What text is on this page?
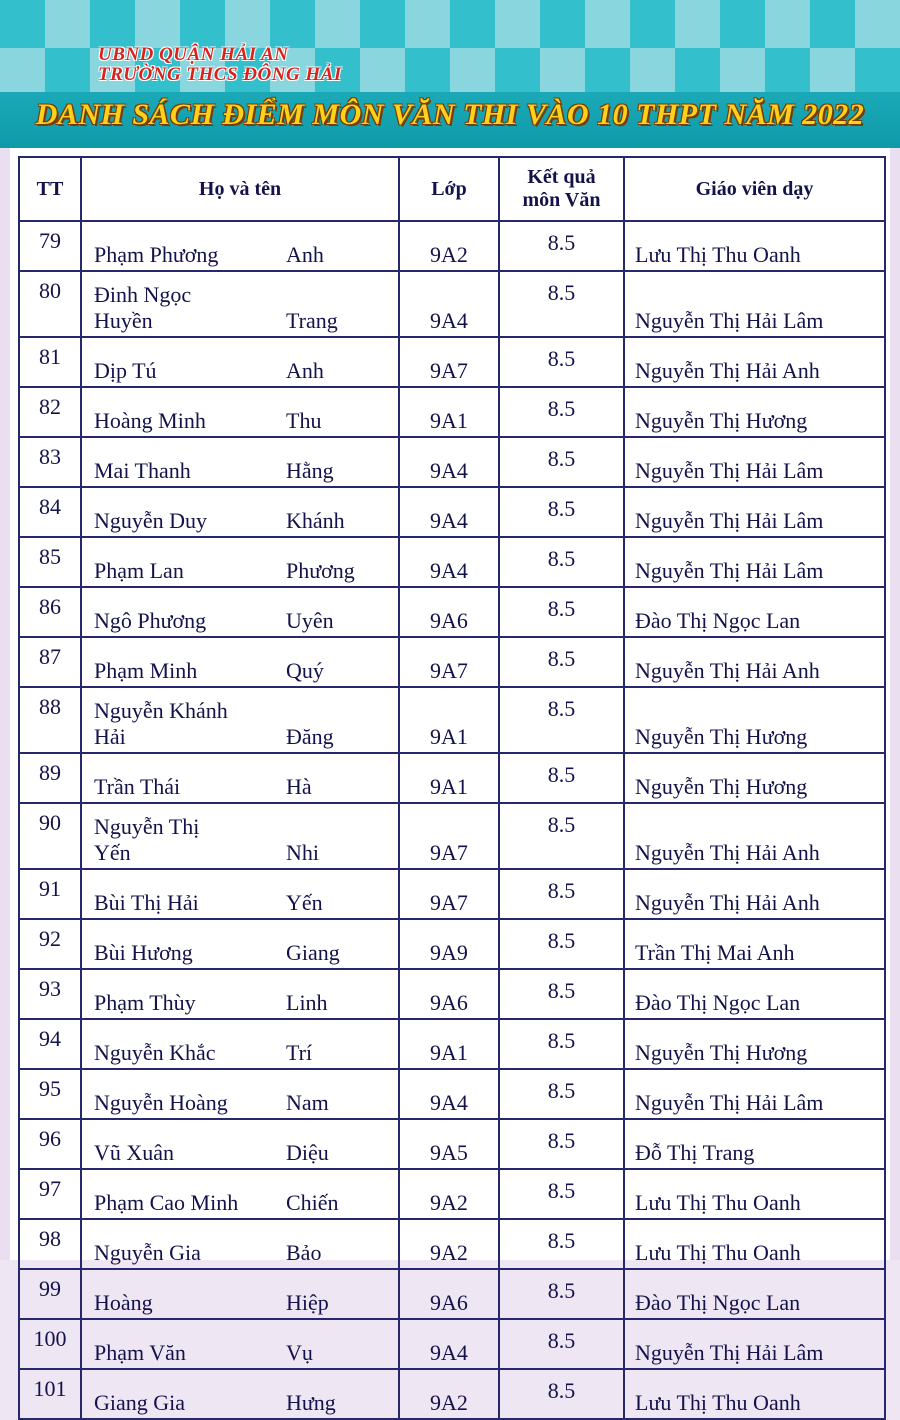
UBND QUẬN HẢI AN
TRƯỜNG THCS ĐÔNG HẢI
DANH SÁCH ĐIỂM MÔN VĂN THI VÀO 10 THPT NĂM 2022
TT	Họ và tên	Lớp	Kết quả
môn Văn	Giáo viên dạy
79	Phạm Phương Anh	9A2	8.5	Lưu Thị Thu Oanh
80	Đinh Ngọc
Huyền Trang	9A4	8.5	Nguyễn Thị Hải Lâm
81	Dịp Tú Anh	9A7	8.5	Nguyễn Thị Hải Anh
82	Hoàng Minh Thu	9A1	8.5	Nguyễn Thị Hương
83	Mai Thanh Hằng	9A4	8.5	Nguyễn Thị Hải Lâm
84	Nguyễn Duy Khánh	9A4	8.5	Nguyễn Thị Hải Lâm
85	Phạm Lan Phương	9A4	8.5	Nguyễn Thị Hải Lâm
86	Ngô Phương Uyên	9A6	8.5	Đào Thị Ngọc Lan
87	Phạm Minh Quý	9A7	8.5	Nguyễn Thị Hải Anh
88	Nguyễn Khánh
Hải Đăng	9A1	8.5	Nguyễn Thị Hương
89	Trần Thái Hà	9A1	8.5	Nguyễn Thị Hương
90	Nguyễn Thị
Yến Nhi	9A7	8.5	Nguyễn Thị Hải Anh
91	Bùi Thị Hải Yến	9A7	8.5	Nguyễn Thị Hải Anh
92	Bùi Hương Giang	9A9	8.5	Trần Thị Mai Anh
93	Phạm Thùy Linh	9A6	8.5	Đào Thị Ngọc Lan
94	Nguyễn Khắc Trí	9A1	8.5	Nguyễn Thị Hương
95	Nguyễn Hoàng Nam	9A4	8.5	Nguyễn Thị Hải Lâm
96	Vũ Xuân Diệu	9A5	8.5	Đỗ Thị Trang
97	Phạm Cao Minh Chiến	9A2	8.5	Lưu Thị Thu Oanh
98	Nguyễn Gia Bảo	9A2	8.5	Lưu Thị Thu Oanh
99	Hoàng Hiệp	9A6	8.5	Đào Thị Ngọc Lan
100	Phạm Văn Vụ	9A4	8.5	Nguyễn Thị Hải Lâm
101	Giang Gia Hưng	9A2	8.5	Lưu Thị Thu Oanh
